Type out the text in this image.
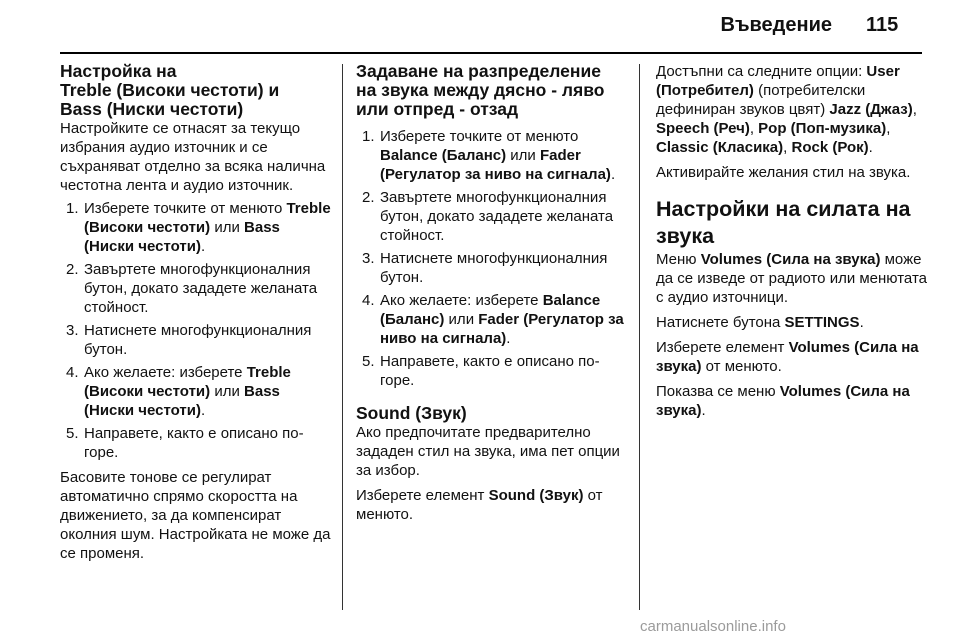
Въведение 115
Настройка на
Treble (Високи честоти) и
Bass (Ниски честоти)

Настройките се отнасят за текущо избрания аудио източник и се съхраняват отделно за всяка налична честотна лента и аудио източник.

1. Изберете точките от менюто Treble (Високи честоти) или Bass (Ниски честоти).
2. Завъртете многофункционалния бутон, докато зададете желаната стойност.
3. Натиснете многофункционалния бутон.
4. Ако желаете: изберете Treble (Високи честоти) или Bass (Ниски честоти).
5. Направете, както е описано по-горе.

Басовите тонове се регулират автоматично спрямо скоростта на движението, за да компенсират околния шум. Настройката не може да се променя.

Задаване на разпределение
на звука между дясно - ляво
или отпред - отзад
1. Изберете точките от менюто Balance (Баланс) или Fader (Регулатор за ниво на сигнала).
2. Завъртете многофункционалния бутон, докато зададете желаната стойност.
3. Натиснете многофункционалния бутон.
4. Ако желаете: изберете Balance (Баланс) или Fader (Регулатор за ниво на сигнала).
5. Направете, както е описано по-горе.
Sound (Звук)

Ако предпочитате предварително зададен стил на звука, има пет опции за избор.

Изберете елемент Sound (Звук) от менюто.

Достъпни са следните опции: User (Потребител) (потребителски дефиниран звуков цвят) Jazz (Джаз), Speech (Реч), Pop (Поп-музика), Classic (Класика), Rock (Рок).

Активирайте желания стил на звука.

Настройки на силата на звука

Меню Volumes (Сила на звука) може да се изведе от радиото или менютата с аудио източници.

Натиснете бутона SETTINGS.

Изберете елемент Volumes (Сила на звука) от менюто.

Показва се меню Volumes (Сила на звука).

carmanualsonline.info
